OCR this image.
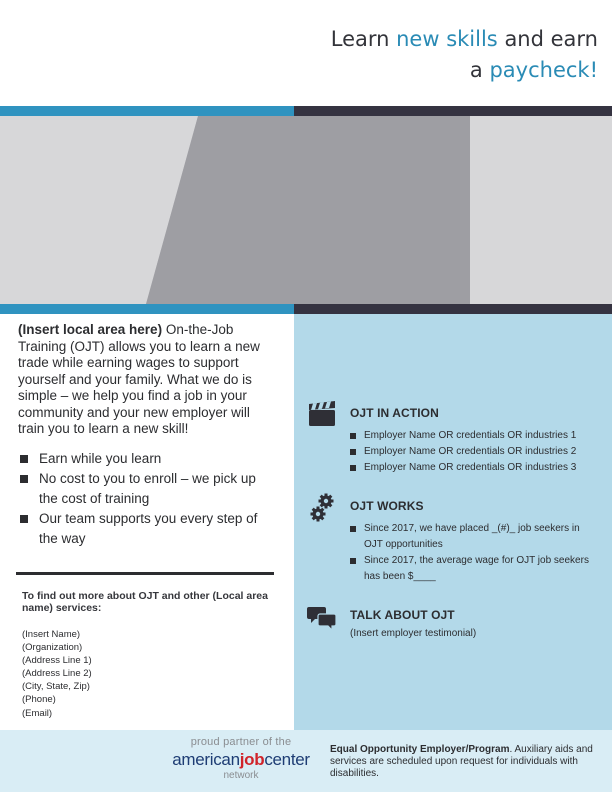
Learn new skills and earn
a paycheck!

(Insert local area here) On-the-Job Training (OJT) allows you to learn a new trade while earning wages to support yourself and your family. What we do is simple – we help you find a job in your community and your new employer will train you to learn a new skill!

Earn while you learn
No cost to you to enroll – we pick up the cost of training
Our team supports you every step of the way
To find out more about OJT and other (Local area name) services:
(Insert Name)
(Organization)
(Address Line 1)
(Address Line 2)
(City, State, Zip)
(Phone)
(Email)
OJT IN ACTION
Employer Name OR credentials OR industries 1
Employer Name OR credentials OR industries 2
Employer Name OR credentials OR industries 3
OJT WORKS
Since 2017, we have placed _(#)_ job seekers in OJT opportunities
Since 2017, the average wage for OJT job seekers has been $____
TALK ABOUT OJT
(Insert employer testimonial)
proud partner of the
americanjobcenter
network
Equal Opportunity Employer/Program. Auxiliary aids and services are scheduled upon request for individuals with disabilities.
